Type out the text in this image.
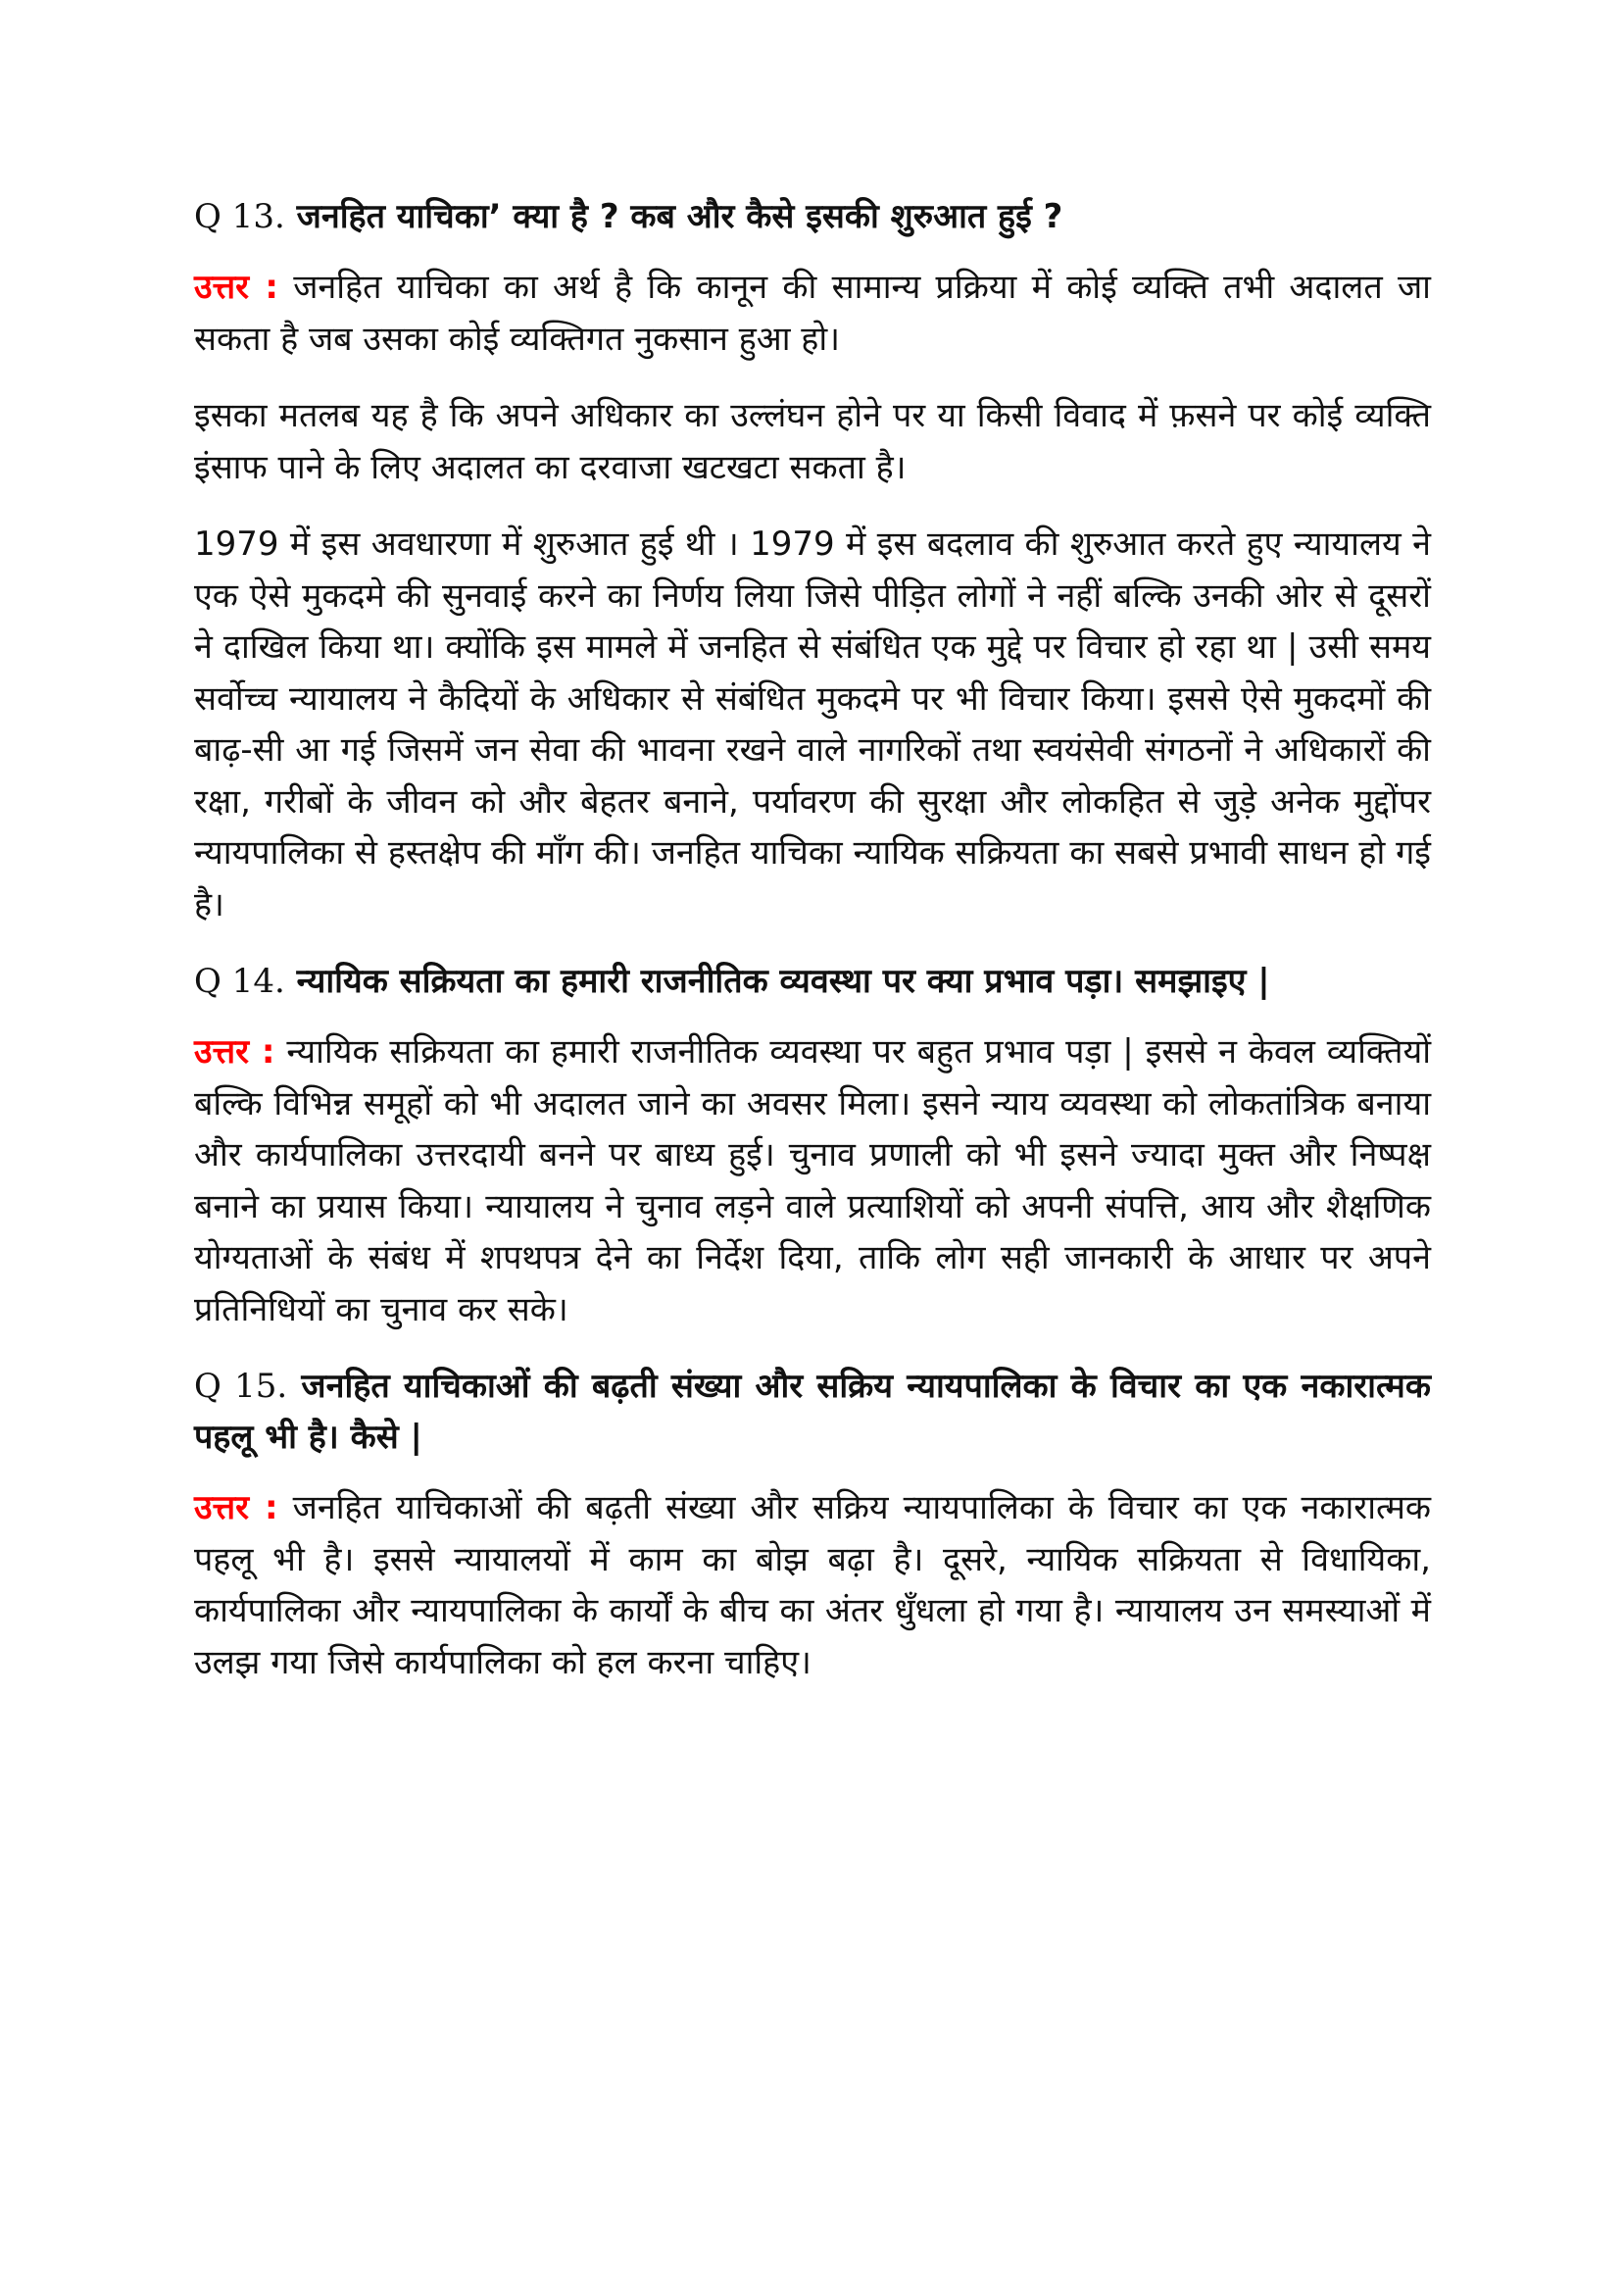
Q 13. जनहित याचिका’ क्या है ? कब और कैसे इसकी शुरुआत हुई ?

उत्तर : जनहित याचिका का अर्थ है कि कानून की सामान्य प्रक्रिया में कोई व्यक्ति तभी अदालत जा सकता है जब उसका कोई व्यक्तिगत नुकसान हुआ हो।

इसका मतलब यह है कि अपने अधिकार का उल्लंघन होने पर या किसी विवाद में फ़सने पर कोई व्यक्ति इंसाफ पाने के लिए अदालत का दरवाजा खटखटा सकता है।

1979 में इस अवधारणा में शुरुआत हुई थी । 1979 में इस बदलाव की शुरुआत करते हुए न्यायालय ने एक ऐसे मुकदमे की सुनवाई करने का निर्णय लिया जिसे पीड़ित लोगों ने नहीं बल्कि उनकी ओर से दूसरों ने दाखिल किया था। क्योंकि इस मामले में जनहित से संबंधित एक मुद्दे पर विचार हो रहा था | उसी समय सर्वोच्च न्यायालय ने कैदियों के अधिकार से संबंधित मुकदमे पर भी विचार किया। इससे ऐसे मुकदमों की बाढ़-सी आ गई जिसमें जन सेवा की भावना रखने वाले नागरिकों तथा स्वयंसेवी संगठनों ने अधिकारों की रक्षा, गरीबों के जीवन को और बेहतर बनाने, पर्यावरण की सुरक्षा और लोकहित से जुड़े अनेक मुद्दोंपर न्यायपालिका से हस्तक्षेप की माँग की। जनहित याचिका न्यायिक सक्रियता का सबसे प्रभावी साधन हो गई है।

Q 14. न्यायिक सक्रियता का हमारी राजनीतिक व्यवस्था पर क्या प्रभाव पड़ा। समझाइए |

उत्तर : न्यायिक सक्रियता का हमारी राजनीतिक व्यवस्था पर बहुत प्रभाव पड़ा | इससे न केवल व्यक्तियों बल्कि विभिन्न समूहों को भी अदालत जाने का अवसर मिला। इसने न्याय व्यवस्था को लोकतांत्रिक बनाया और कार्यपालिका उत्तरदायी बनने पर बाध्य हुई। चुनाव प्रणाली को भी इसने ज्यादा मुक्त और निष्पक्ष बनाने का प्रयास किया। न्यायालय ने चुनाव लड़ने वाले प्रत्याशियों को अपनी संपत्ति, आय और शैक्षणिक योग्यताओं के संबंध में शपथपत्र देने का निर्देश दिया, ताकि लोग सही जानकारी के आधार पर अपने प्रतिनिधियों का चुनाव कर सके।

Q 15. जनहित याचिकाओं की बढ़ती संख्या और सक्रिय न्यायपालिका के विचार का एक नकारात्मक पहलू भी है। कैसे |

उत्तर : जनहित याचिकाओं की बढ़ती संख्या और सक्रिय न्यायपालिका के विचार का एक नकारात्मक पहलू भी है। इससे न्यायालयों में काम का बोझ बढ़ा है। दूसरे, न्यायिक सक्रियता से विधायिका, कार्यपालिका और न्यायपालिका के कार्यों के बीच का अंतर धुँधला हो गया है। न्यायालय उन समस्याओं में उलझ गया जिसे कार्यपालिका को हल करना चाहिए।
